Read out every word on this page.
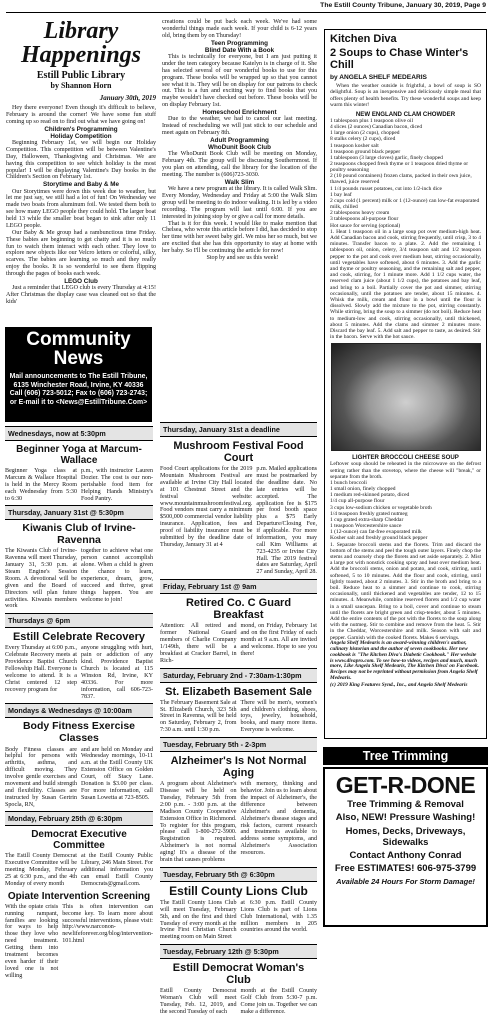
The Estill County Tribune, January 30, 2019, Page 9
Library
Happenings
Estill Public Library
by Shannon Horn
January 30th, 2019

Hey there everyone! Even though it's difficult to believe, February is around the corner! We have some fun stuff coming up so read on to find out what we have going on!

Children's Programming
Holiday Competition

Beginning February 1st, we will begin our Holiday Competition. This competition will be between Valentine's Day, Halloween, Thanksgiving and Christmas. We are having this competition to see which holiday is the most popular! I will be displaying Valentine's Day books in the Children's Section on February 1st.

Storytime and Baby & Me

Our Storytimes were down this week due to weather, but let me just say, we still had a lot of fun! On Wednesday we made two boats from aluminum foil. We tested them both to see how many LEGO people they could hold. The larger boat held 13 while the smaller boat began to sink after only 11 LEGO people.

Our Baby & Me group had a rambunctious time Friday. These babies are beginning to get chatty and it is so much fun to watch them interact with each other. They love to explore new objects like our Velcro letters or colorful, silky, scarves. The babies are learning so much and they really enjoy the books. It is so wonderful to see them flipping through the pages of books each week.

LEGO Club

Just a reminder that LEGO club is every Thursday at 4:15! After Christmas the display case was cleaned out so that the kids'

creations could be put back each week. We've had some wonderful things made each week. If your child is 6-12 years old, bring them by on Thursday!

Teen Programming
Blind Date With a Book

This is technically for everyone, but I am just putting it under the teen category because Katelyn is in charge of it. She has selected several of our wonderful books to use for this program. These books will be wrapped up so that you cannot see what it is. They will be on display for our patrons to check out. This is a fun and exciting way to find books that you maybe wouldn't have checked out before. These books will be on display February 1st.

Homeschool Enrichment

Due to the weather, we had to cancel our last meeting. Instead of rescheduling we will just stick to our schedule and meet again on February 8th.

Adult Programming
WhoDunit Book Club

The WhoDunit Book Club will be meeting on Monday, February 4th. The group will be discussing Southernmost. If you plan on attending, call the library for the location of the meeting. The number is (606)723-3030.

Walk Slim

We have a new program at the library. It is called Walk Slim. Every Monday, Wednesday and Friday at 5:00 the Walk Slim group will be meeting to do indoor walking. It is led by a video recording. The program will last until 6:00. If you are interested in joining stop by or give a call for more details.

That is it for this week. I would like to make mention that Chelsea, who wrote this article before I did, has decided to stop her time with her sweet baby girl. We miss her so much, but we are excited that she has this opportunity to stay at home with her baby. So I'll be continuing the article for now!

Stop by and see us this week!

Community News
Mail announcements to The Estill Tribune,
6135 Winchester Road, Irvine, KY 40336
Call (606) 723-5012; Fax to (606) 723-2743;
or E-mail it to <News@EstillTribune.Com>
Wednesdays, now at 5:30pm
Beginner Yoga at Marcum-Wallace
Beginner Yoga class at Marcum & Wallace Hospital is held in the Mercy Room each Wednesday from 5:30 to 6:30
p.m., with instructor Lauren Dozier. The cost is our non-perishable food item for Helping Hands Ministry's Food Pantry.
Thursday, January 31st @ 5:30pm
Kiwanis Club of Irvine-Ravenna
The Kiwanis Club of Irvine-Ravenna will meet Thursday, January 31, 5:30 p.m. at Steam Engine's Session Room. A devotional will be given and the Board of Directors will plan future activities. Kiwanis members work
together to achieve what one person cannot accomplish alone. When a child is given the chance to learn, experience, dream, grow, succeed and thrive, great things happen. You are welcome to join!
Thursdays @ 6pm
Estill Celebrate Recovery
Every Thursday at 6:00 p.m., Celebrate Recovery meets at Providence Baptist Church Fellowship Hall. Everyone is welcome to attend. It is a Christ centered 12 step recovery program for
anyone struggling with hurt, pain or addiction of any kind. Providence Baptist Church is located at 115 Winston Rd, Irvine, KY 40336. For more information, call 606-723-7837.
Mondays & Wednesdays @ 10:00am
Body Fitness Exercise Classes
Body Fitness classes are helpful for persons with arthritis, asthma, and difficult moving. They involve gentle exercises and movement and build strength and flexibility. Classes are instructed by Susan Gertrin Spocla, RN,
and are held on Monday and Wednesday mornings, 10-11 a.m. at the Estill County UK Extension Office on Golden Court, off Stacy Lane. Donation is $3.00 per class. For more information, call Susan Lowetta at 723-8505.
Monday, February 25th @ 6:30pm
Democrat Executive Committee
The Estill County Democrat Executive Committee will be meeting Monday, February 25 at 6:30 p.m., and the 4th Monday of every month
at the Estill County Public Library, 246 Main Street. For additional information you can email Estill County Democrats@gmail.com.
Opiate Intervention Screening
With the opiate crisis running rampant, families are looking for ways to help those they love who need treatment. Getting them into treatment becomes even harder if their loved one is not willing
This is often intervention can become key. To learn more about successful interventions, please visit: http://www.narconon-newlifeforever.org/blog/intervention-101.html
Thursday, January 31st a deadline
Mushroom Festival Food Court
Food Court applications for the 2019 Mountain Mushroom Festival are available at Irvine City Hall located at 101 Chestnut Street and the festival website: www.mountainmushroomfestival.org. Food vendors must carry a minimum $500,000 commercial vendor liability insurance. Application, fees and proof of liability insurance must be submitted by the deadline date of Thursday, January 31 at 4
p.m. Mailed applications must be postmarked by the deadline date. No late entries will be accepted. The application fee is $175 per food booth space plus a $75 Early Departure/Closing Fee, if applicable. For more information, you may call Kim Williams at 723-4235 or Irvine City Hall. The 2019 festival dates are Saturday, April 27 and Sunday, April 28.
Friday, February 1st @ 9am
Retired Co. C Guard Breakfast
Attention: All retired and former National Guard members of Charlie Company 1/149th, there will be a breakfast at Cracker Barrel, in Rich-
mond, on Friday, February 1st and on the first Friday of each month at 9 a.m. All are invited and welcome. Hope to see you there!
Saturday, February 2nd - 7:30am-1:30pm
St. Elizabeth Basement Sale
The February Basement Sale at St. Elizabeth Church, 323 5th Street in Ravenna, will be held on Saturday, February 2, from 7:30 a.m. until 1:30 p.m.
There will be men's, women's and children's clothing, shoes, toys, jewelry, household, books, and many more items. Everyone is welcome.
Tuesday, February 5th - 2-3pm
Alzheimer's Is Not Normal Aging
A program about Alzheimer's Disease will be held on Tuesday, February 5th from 2:00 p.m. - 3:00 p.m. at the Madison County Cooperative Extension Office in Richmond. To register for this program, please call 1-800-272-3900. Registration is required. Alzheimer's is not normal aging! It's a disease of the brain that causes problems
with memory, thinking and behavior. Join us to learn about the impact of Alzheimer's, the difference between Alzheimer's and dementia, Alzheimer's disease stages and risk factors, current research and treatments available to address some symptoms, and Alzheimer's Association resources.
Tuesday, February 5th @ 6:30pm
Estill County Lions Club
The Estill County Lions Club will meet Tuesday, February 5th, and on the first and third Tuesday of every month at the Irvine First Christian Church meeting room on Main Street
at 6:30 p.m. Estill County Lions Club is part of Lions Club International, with 1.35 million members in 205 countries around the world.
Tuesday, February 12th @ 5:30pm
Estill Democrat Woman's Club
Estill County Democrat Woman's Club will meet Tuesday, Feb. 12, 2019, and the second Tuesday of each
month at the Estill County Golf Club from 5:30-7 p.m. Come join us. Together we can make a difference.
Kitchen Diva
2 Soups to Chase Winter's Chill
by ANGELA SHELF MEDEARIS

When the weather outside is frightful, a bowl of soup is SO delightful. Soup is an inexpensive and deliciously simple meal that offers plenty of health benefits. Try these wonderful soups and keep warm this winter!

NEW ENGLAND CLAM CHOWDER
1 tablespoon plus 1 teaspoon olive oil
4 slices (2 ounces) Canadian bacon, diced
1 large onion (2 cups), chopped
8 stalks celery (2 cups), diced
1 teaspoon kosher salt
1 teaspoon ground black pepper
1 tablespoon (3 large cloves) garlic, finely chopped
2 teaspoons chopped fresh thyme or 1 teaspoon dried thyme or poultry seasoning
2 (10 pound containers) frozen clams, packed in their own juice, thawed, juice reserved
1 1/4 pounds russet potatoes, cut into 1/2-inch dice
1 bay leaf
2 cups cold (1 percent) milk or 1 (12-ounce) can low-fat evaporated milk, chilled
2 tablespoons heavy cream
3 tablespoons all-purpose flour
Hot sauce for serving (optional)

1. Heat 1 teaspoon oil in a large soup pot over medium-high heat. Add Canadian bacon and cook, stirring frequently, until crisp, 3 to 4 minutes. Transfer bacon to a plate. 2. Add the remaining 1 tablespoon oil, onion, celery, 3/4 teaspoon salt and 1/2 teaspoon pepper to the pot and cook over medium heat, stirring occasionally, until vegetables have softened, about 6 minutes. 3. Add the garlic and thyme or poultry seasoning, and the remaining salt and pepper, and cook, stirring, for 1 minute more. Add 1 1/2 cups water, the reserved clam juice (about 1 1/2 cups), the potatoes and bay leaf, and bring to a boil. Partially cover the pot and simmer, stirring occasionally, until the potatoes are tender, about 15 minutes. 4. Whisk the milk, cream and flour in a bowl until the flour is dissolved. Slowly add the mixture to the pot, stirring constantly. While stirring, bring the soup to a simmer (do not boil). Reduce heat to medium-low and cook, stirring occasionally, until thickened, about 5 minutes. Add the clams and simmer 2 minutes more. Discard the bay leaf. 5. Add salt and pepper to taste, as desired. Stir in the bacon. Serve with the hot sauce.

LIGHTER BROCCOLI CHEESE SOUP

Leftover soup should be reheated in the microwave on the defrost setting rather than the stovetop, where the cheese will "break," or separate from the broth.

1 bunch broccoli
1 small onion, finely chopped
1 medium red-skinned potato, diced
1/4 cup all-purpose flour
3 cups low-sodium chicken or vegetable broth
1/4 teaspoon freshly grated nutmeg
1 cup grated extra-sharp Cheddar
1 teaspoon Worcestershire sauce
1 (12-ounce) can fat-free evaporated milk
Kosher salt and freshly ground black pepper

1. Separate broccoli stems and the florets. Trim and discard the bottom of the stems and peel the tough outer layers. Finely chop the stems and coarsely chop the florets and set aside separately. 2. Mist a large pot with nonstick cooking spray and heat over medium heat. Add the broccoli stems, onion and potato, and cook, stirring, until softened, 5 to 10 minutes. Add the flour and cook, stirring, until lightly toasted, about 2 minutes. 3. Stir in the broth and bring to a boil. Reduce heat to a simmer and continue to cook, stirring occasionally, until thickened and vegetables are tender, 12 to 15 minutes. 4. Meanwhile, combine reserved florets and 1/2 cup water in a small saucepan. Bring to a boil, cover and continue to steam until the florets are bright green and crisp-tender, about 5 minutes. Add the entire contents of the pot with the florets to the soup along with the nutmeg. Stir to combine and remove from the heat. 5. Stir in the Cheddar, Worcestershire and milk. Season with salt and pepper. Garnish with the cooked florets. Makes 6 servings.

Angela Shelf Medearis is an award-winning children's author, culinary historian and the author of seven cookbooks. Her new cookbook is "The Kitchen Diva's Diabetic Cookbook." Her website is www.divapro.com. To see how-to videos, recipes and much, much more, Like Angela Shelf Medearis, The Kitchen Diva! on Facebook. Recipes may not be reprinted without permission from Angela Shelf Medearis.
(c) 2019 King Features Synd., Inc., and Angela Shelf Medearis
Tree Trimming
GET-R-DONE
Tree Trimming & Removal
Also, NEW! Pressure Washing!
Homes, Decks, Driveways, Sidewalks
Contact Anthony Conrad
Free ESTIMATES! 606-975-3799
Available 24 Hours For Storm Damage!
